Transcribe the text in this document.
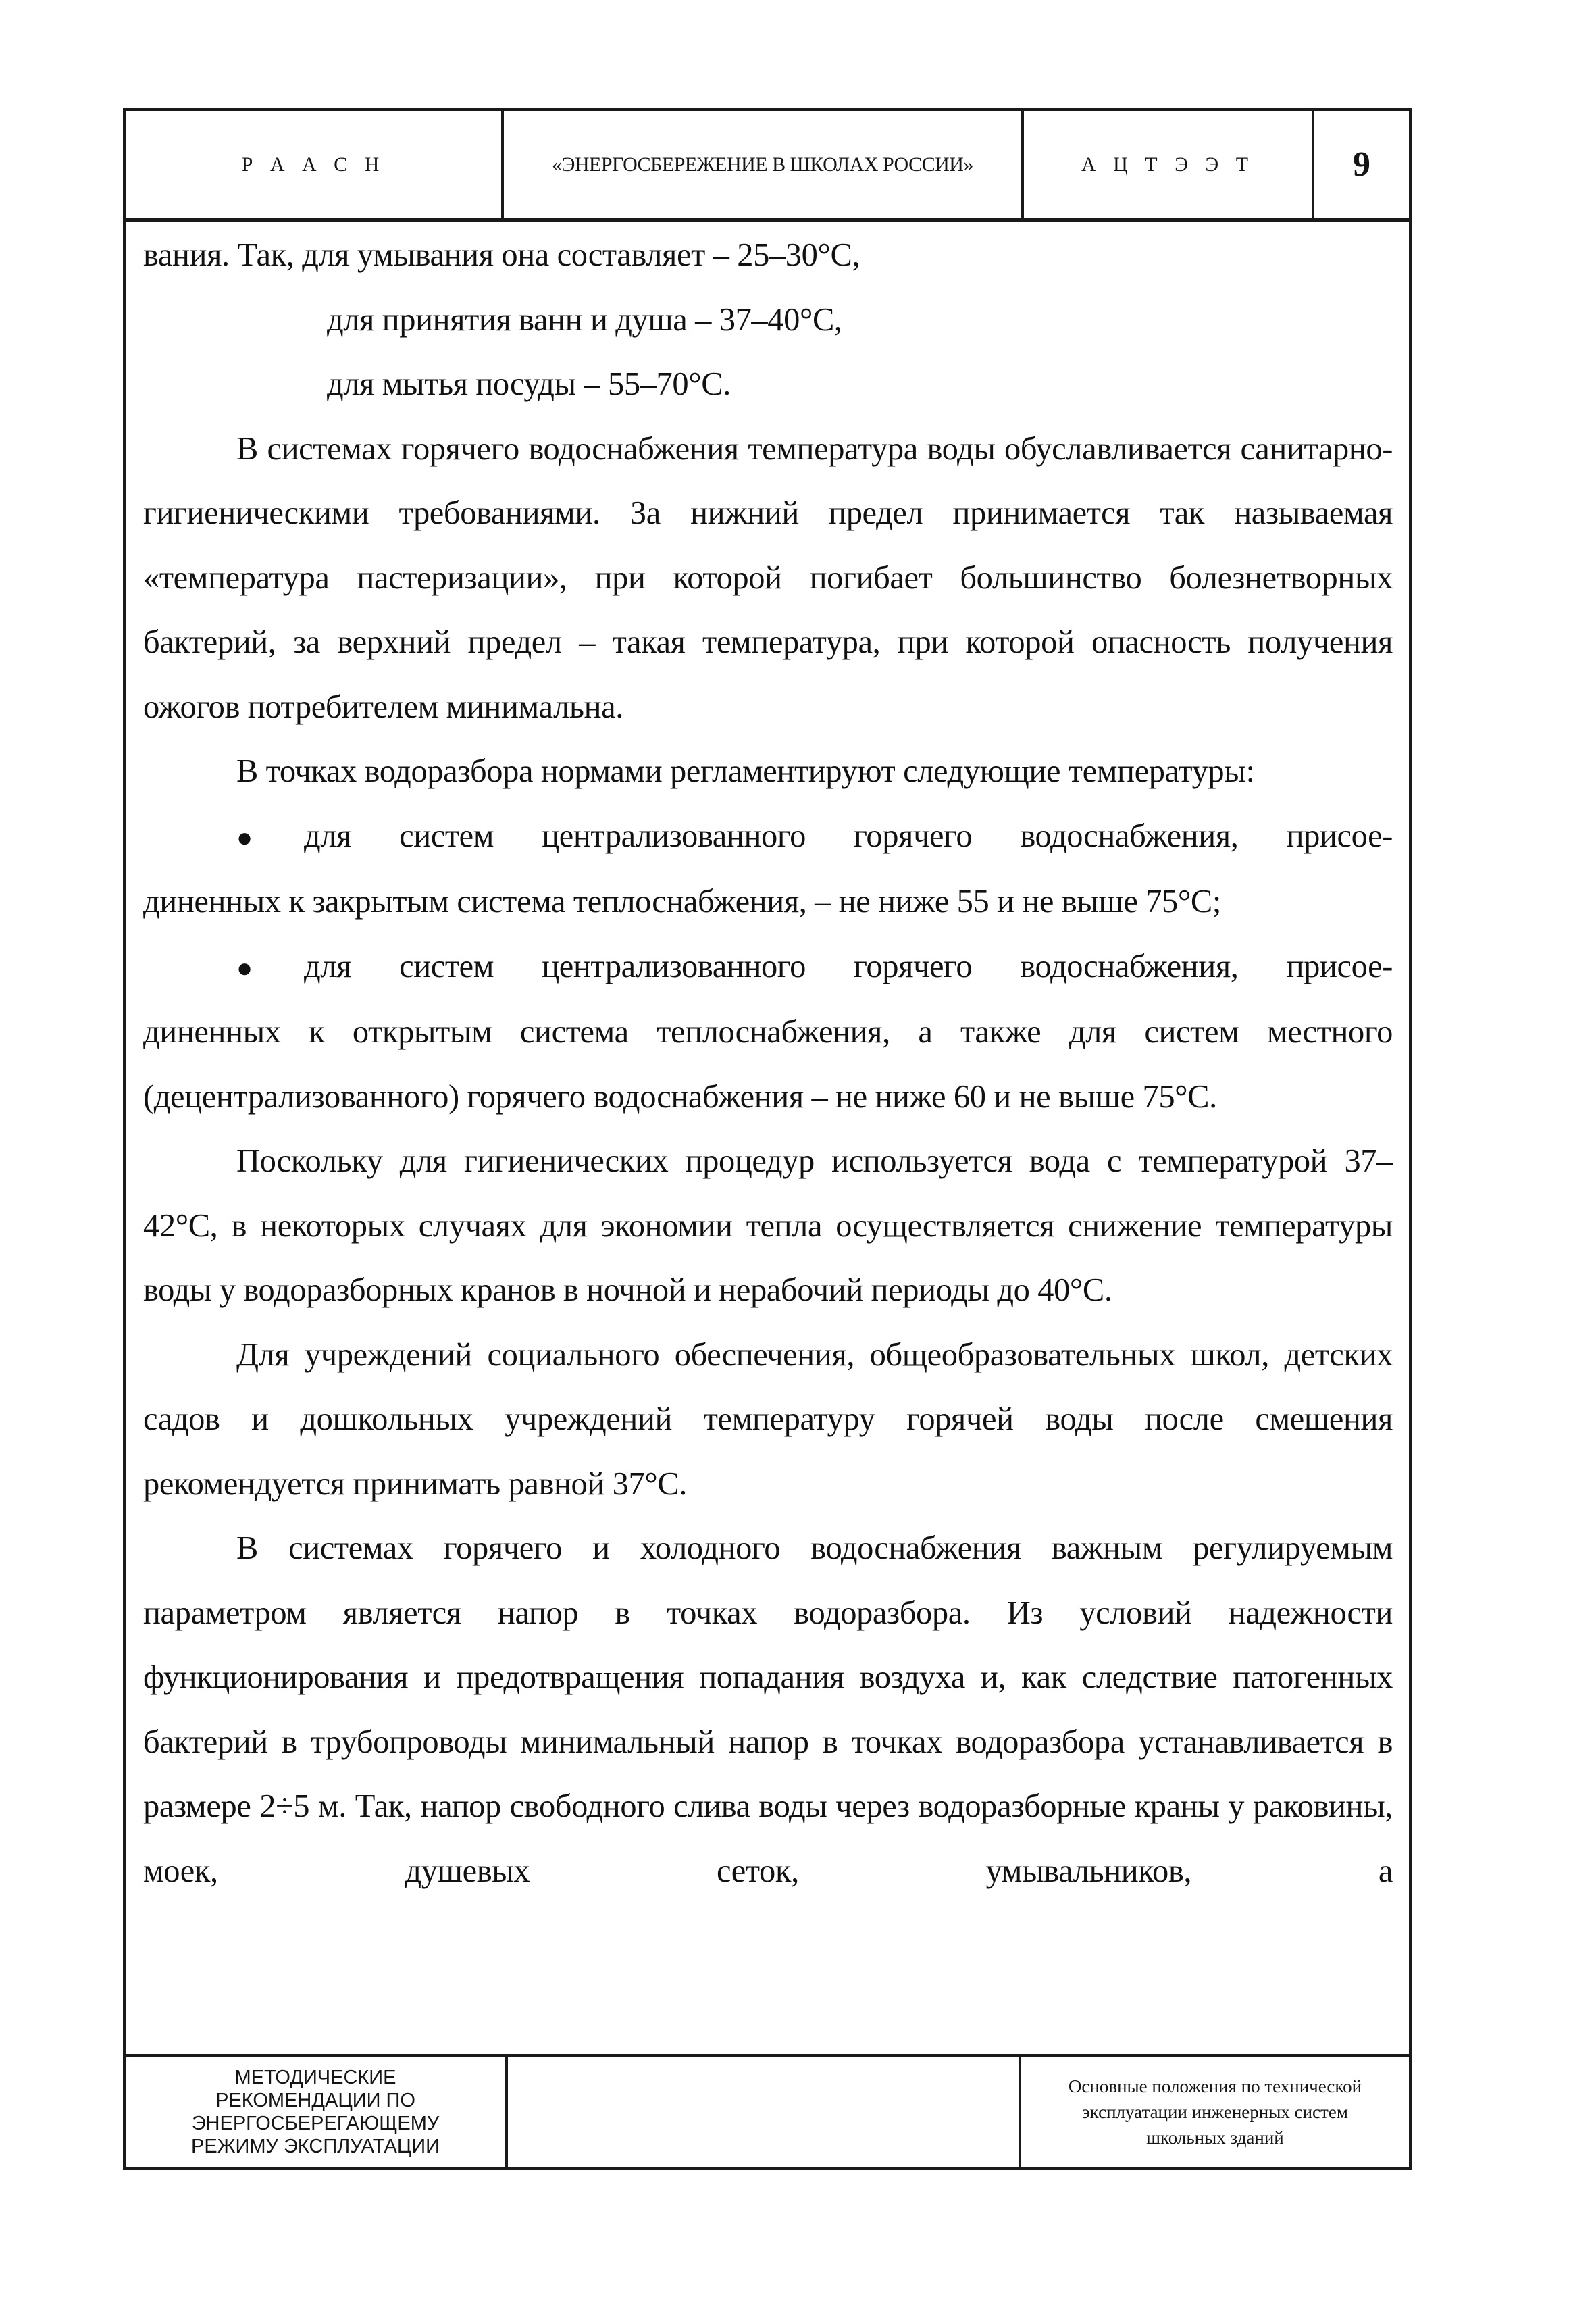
Р А А С Н	«ЭНЕРГОСБЕРЕЖЕНИЕ В ШКОЛАХ РОССИИ»	А Ц Т Э Э Т	9

вания. Так, для умывания она составляет – 25–30°С,

для принятия ванн и душа – 37–40°С,

для мытья посуды – 55–70°С.

В системах горячего водоснабжения температура воды обуславливается санитарно-гигиеническими требованиями. За нижний предел принимается так называемая «температура пастеризации», при которой погибает большинство болезнетворных бактерий, за верхний предел – такая температура, при которой опасность получения ожогов потребителем минимальна.

В точках водоразбора нормами регламентируют следующие температуры:

●	для систем централизованного горячего водоснабжения, присое-

диненных к закрытым система теплоснабжения, – не ниже 55 и не выше 75°С;

●	для систем централизованного горячего водоснабжения, присое-

диненных к открытым система теплоснабжения, а также для систем местного (децентрализованного) горячего водоснабжения – не ниже 60 и не выше 75°С.

Поскольку для гигиенических процедур используется вода с температурой 37–42°С, в некоторых случаях для экономии тепла осуществляется снижение температуры воды у водоразборных кранов в ночной и нерабочий периоды до 40°С.

Для учреждений социального обеспечения, общеобразовательных школ, детских садов и дошкольных учреждений температуру горячей воды после смешения рекомендуется принимать равной 37°С.

В системах горячего и холодного водоснабжения важным регулируемым параметром является напор в точках водоразбора. Из условий надежности функционирования и предотвращения попадания воздуха и, как следствие патогенных бактерий в трубопроводы минимальный напор в точках водоразбора устанавливается в размере 2÷5 м. Так, напор свободного слива воды через водоразборные краны у раковины, моек, душевых сеток, умывальников, а

МЕТОДИЧЕСКИЕ
РЕКОМЕНДАЦИИ ПО
ЭНЕРГОСБЕРЕГАЮЩЕМУ
РЕЖИМУ ЭКСПЛУАТАЦИИ
Основные положения по технической
эксплуатации инженерных систем
школьных зданий
